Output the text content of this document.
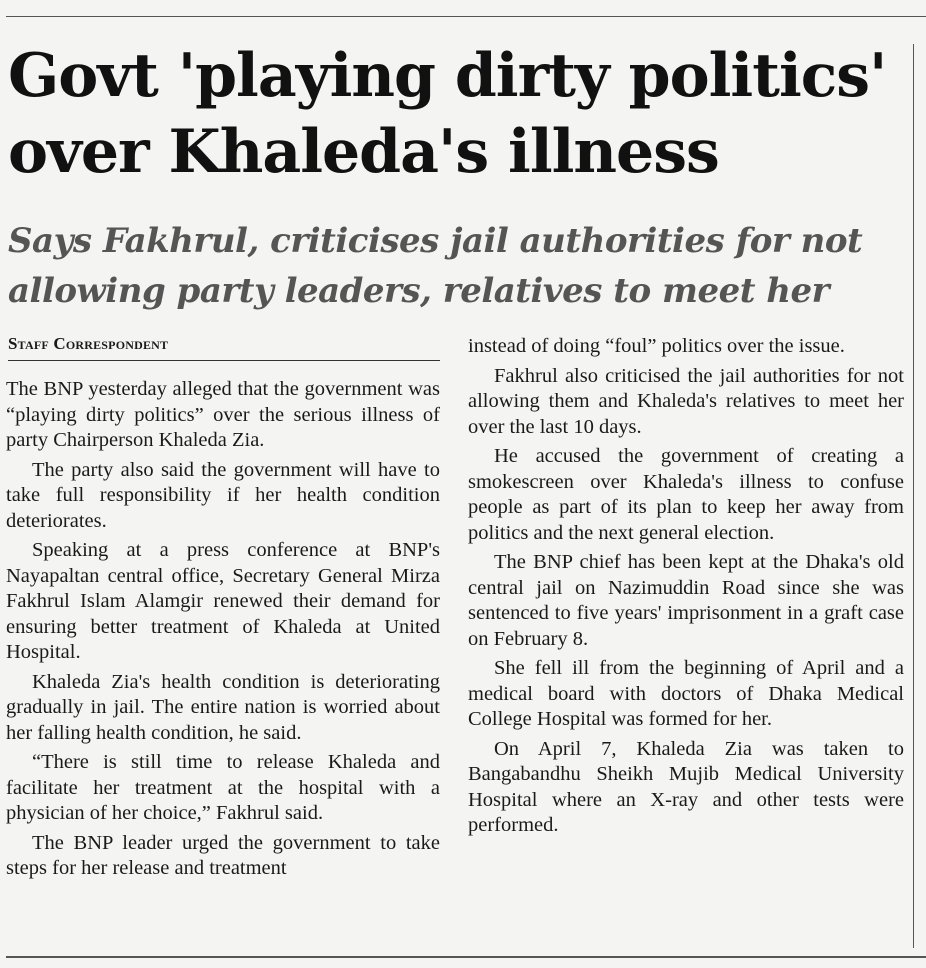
Govt 'playing dirty politics' over Khaleda's illness
Says Fakhrul, criticises jail authorities for not allowing party leaders, relatives to meet her
Staff Correspondent

The BNP yesterday alleged that the government was “playing dirty politics” over the serious illness of party Chairperson Khaleda Zia.

The party also said the government will have to take full responsibility if her health condition deteriorates.

Speaking at a press conference at BNP's Nayapaltan central office, Secretary General Mirza Fakhrul Islam Alamgir renewed their demand for ensuring better treatment of Khaleda at United Hospital.

Khaleda Zia's health condition is deteriorating gradually in jail. The entire nation is worried about her falling health condition, he said.

“There is still time to release Khaleda and facilitate her treatment at the hospital with a physician of her choice,” Fakhrul said.

The BNP leader urged the government to take steps for her release and treatment

instead of doing “foul” politics over the issue.

Fakhrul also criticised the jail authorities for not allowing them and Khaleda's relatives to meet her over the last 10 days.

He accused the government of creating a smokescreen over Khaleda's illness to confuse people as part of its plan to keep her away from politics and the next general election.

The BNP chief has been kept at the Dhaka's old central jail on Nazimuddin Road since she was sentenced to five years' imprisonment in a graft case on February 8.

She fell ill from the beginning of April and a medical board with doctors of Dhaka Medical College Hospital was formed for her.

On April 7, Khaleda Zia was taken to Bangabandhu Sheikh Mujib Medical University Hospital where an X-ray and other tests were performed.
